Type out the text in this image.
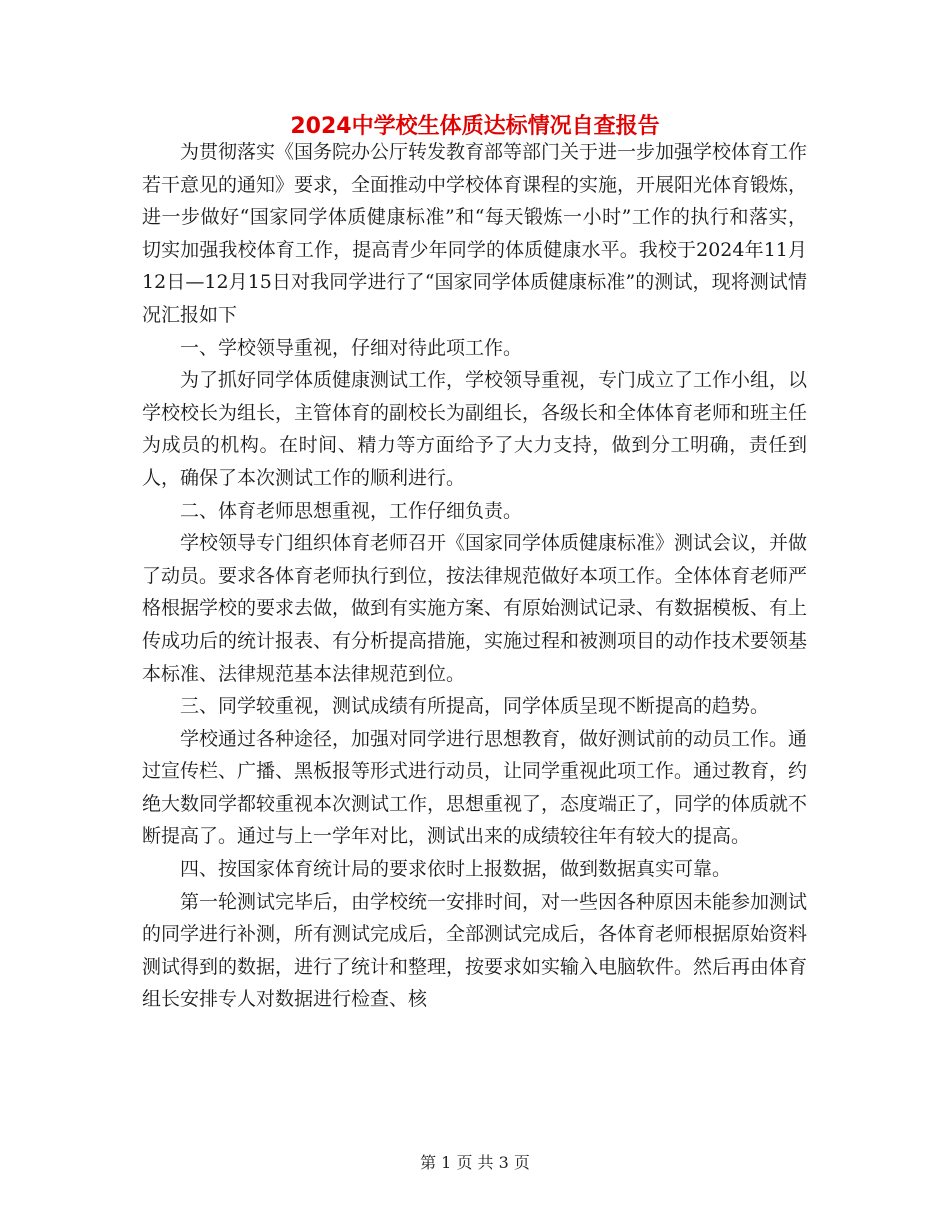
2024中学校生体质达标情况自查报告

为贯彻落实《国务院办公厅转发教育部等部门关于进一步加强学校体育工作若干意见的通知》要求，全面推动中学校体育课程的实施，开展阳光体育锻炼，进一步做好“国家同学体质健康标准”和“每天锻炼一小时”工作的执行和落实，切实加强我校体育工作，提高青少年同学的体质健康水平。我校于2024年11月12日—12月15日对我同学进行了“国家同学体质健康标准”的测试，现将测试情况汇报如下

一、学校领导重视，仔细对待此项工作。

为了抓好同学体质健康测试工作，学校领导重视，专门成立了工作小组，以学校校长为组长，主管体育的副校长为副组长，各级长和全体体育老师和班主任为成员的机构。在时间、精力等方面给予了大力支持，做到分工明确，责任到人，确保了本次测试工作的顺利进行。

二、体育老师思想重视，工作仔细负责。

学校领导专门组织体育老师召开《国家同学体质健康标准》测试会议，并做了动员。要求各体育老师执行到位，按法律规范做好本项工作。全体体育老师严格根据学校的要求去做，做到有实施方案、有原始测试记录、有数据模板、有上传成功后的统计报表、有分析提高措施，实施过程和被测项目的动作技术要领基本标准、法律规范基本法律规范到位。

三、同学较重视，测试成绩有所提高，同学体质呈现不断提高的趋势。

学校通过各种途径，加强对同学进行思想教育，做好测试前的动员工作。通过宣传栏、广播、黑板报等形式进行动员，让同学重视此项工作。通过教育，约绝大数同学都较重视本次测试工作，思想重视了，态度端正了，同学的体质就不断提高了。通过与上一学年对比，测试出来的成绩较往年有较大的提高。

四、按国家体育统计局的要求依时上报数据，做到数据真实可靠。

第一轮测试完毕后，由学校统一安排时间，对一些因各种原因未能参加测试的同学进行补测，所有测试完成后，全部测试完成后，各体育老师根据原始资料测试得到的数据，进行了统计和整理，按要求如实输入电脑软件。然后再由体育组长安排专人对数据进行检查、核

第 1 页 共 3 页
